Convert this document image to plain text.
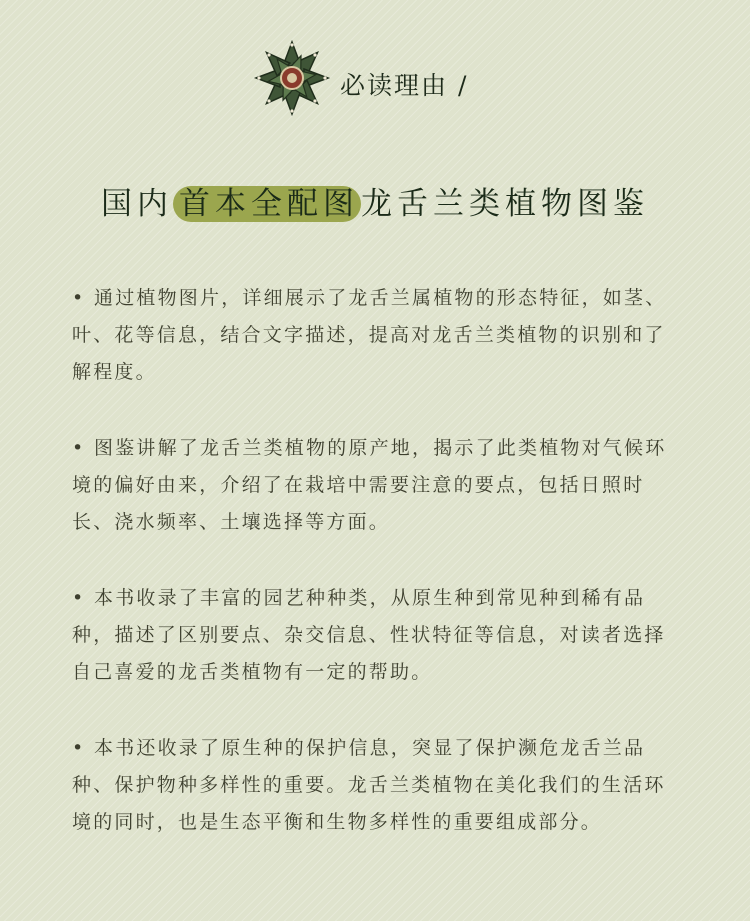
必读理由 /
国内 首本全配图龙舌兰类植物图鉴

• 通过植物图片，详细展示了龙舌兰属植物的形态特征，如茎、叶、花等信息，结合文字描述，提高对龙舌兰类植物的识别和了解程度。

• 图鉴讲解了龙舌兰类植物的原产地，揭示了此类植物对气候环境的偏好由来，介绍了在栽培中需要注意的要点，包括日照时长、浇水频率、土壤选择等方面。

• 本书收录了丰富的园艺种种类，从原生种到常见种到稀有品种，描述了区别要点、杂交信息、性状特征等信息，对读者选择自己喜爱的龙舌类植物有一定的帮助。

• 本书还收录了原生种的保护信息，突显了保护濒危龙舌兰品种、保护物种多样性的重要。龙舌兰类植物在美化我们的生活环境的同时，也是生态平衡和生物多样性的重要组成部分。
